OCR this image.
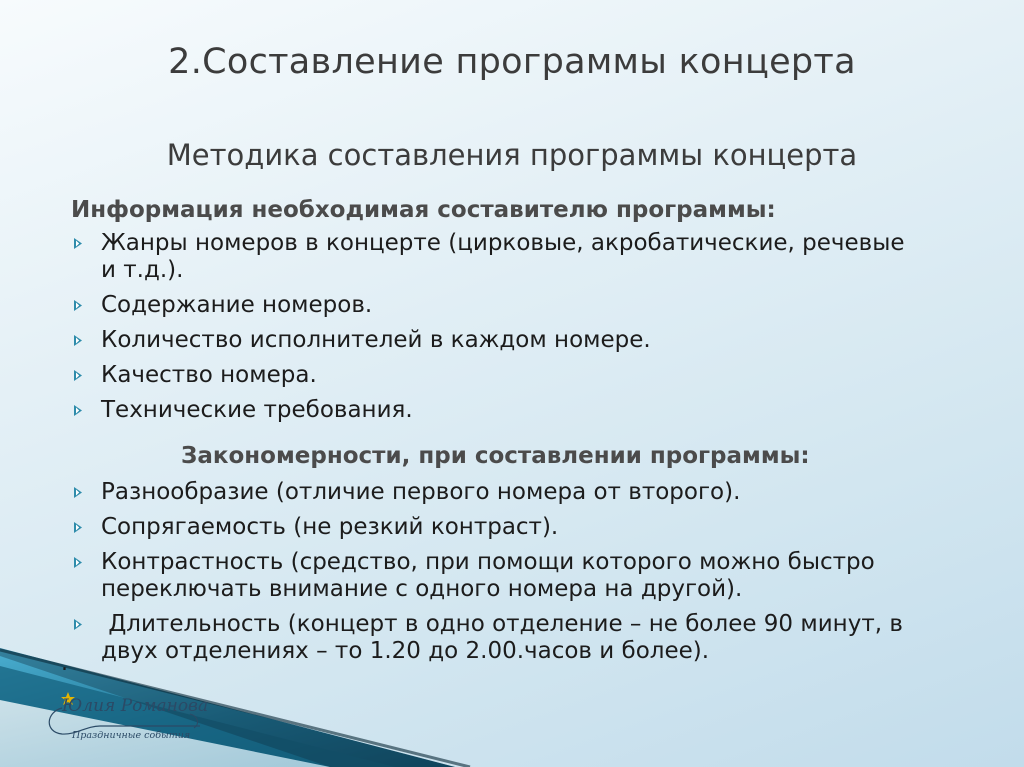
2.Составление программы концерта
Методика составления программы концерта
Информация необходимая составителю программы:
Жанры номеров в концерте (цирковые, акробатические, речевые и т.д.).
Содержание номеров.
Количество исполнителей в каждом номере.
Качество номера.
Технические требования.
Закономерности, при составлении программы:
Разнообразие (отличие первого номера от второго).
Сопрягаемость (не резкий контраст).
Контрастность (средство, при помощи которого можно быстро переключать внимание с одного номера на другой).
Длительность (концерт в одно отделение – не более 90 минут, в двух отделениях – то 1.20 до 2.00.часов и более).
.
Юлия Романова
Праздничные события
